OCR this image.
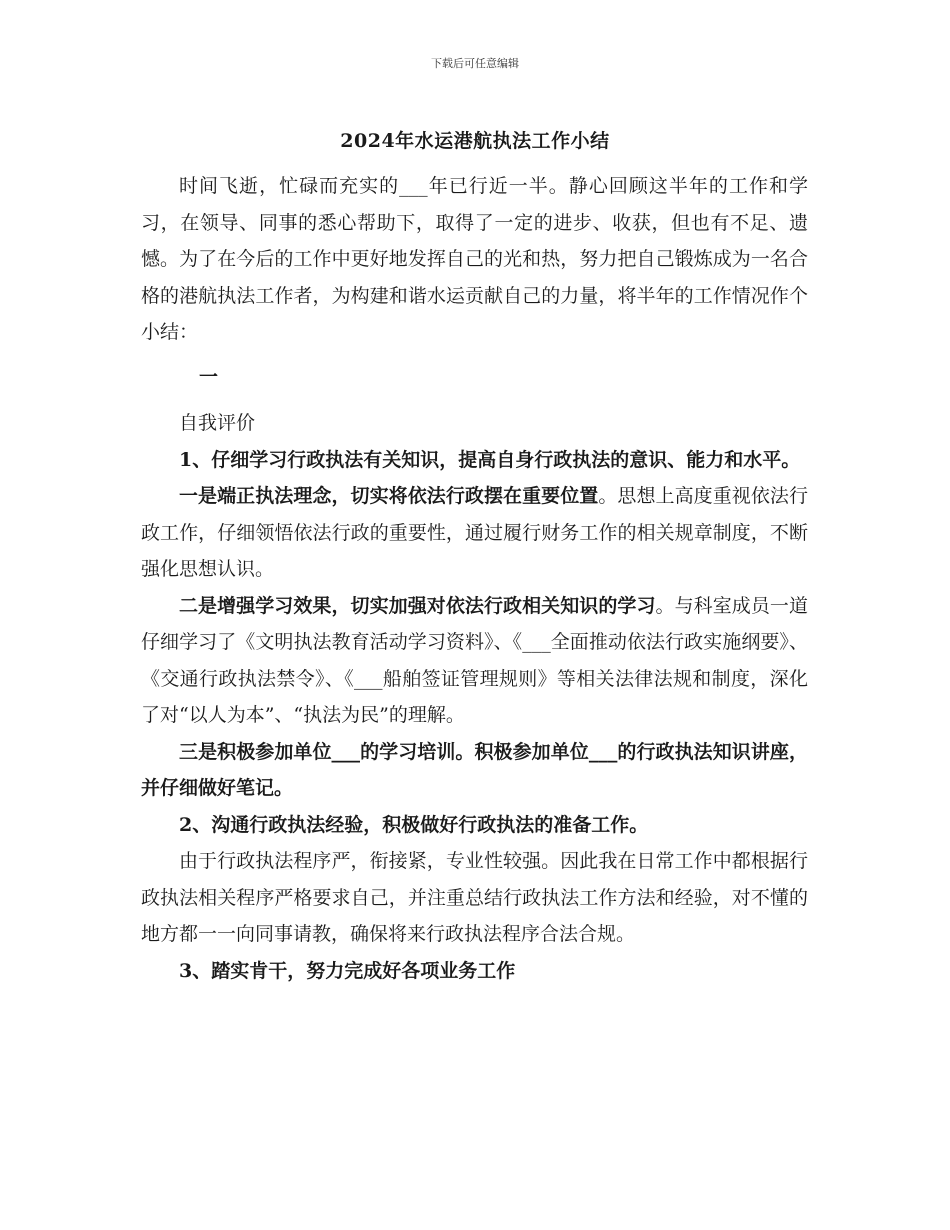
下载后可任意编辑
2024年水运港航执法工作小结

时间飞逝，忙碌而充实的___年已行近一半。静心回顾这半年的工作和学习，在领导、同事的悉心帮助下，取得了一定的进步、收获，但也有不足、遗憾。为了在今后的工作中更好地发挥自己的光和热，努力把自己锻炼成为一名合格的港航执法工作者，为构建和谐水运贡献自己的力量，将半年的工作情况作个小结：

一

自我评价

1、仔细学习行政执法有关知识，提高自身行政执法的意识、能力和水平。

一是端正执法理念，切实将依法行政摆在重要位置。思想上高度重视依法行政工作，仔细领悟依法行政的重要性，通过履行财务工作的相关规章制度，不断强化思想认识。

二是增强学习效果，切实加强对依法行政相关知识的学习。与科室成员一道仔细学习了《文明执法教育活动学习资料》、《___全面推动依法行政实施纲要》、《交通行政执法禁令》、《___船舶签证管理规则》等相关法律法规和制度，深化了对“以人为本”、“执法为民”的理解。

三是积极参加单位___的学习培训。积极参加单位___的行政执法知识讲座，并仔细做好笔记。

2、沟通行政执法经验，积极做好行政执法的准备工作。

由于行政执法程序严，衔接紧，专业性较强。因此我在日常工作中都根据行政执法相关程序严格要求自己，并注重总结行政执法工作方法和经验，对不懂的地方都一一向同事请教，确保将来行政执法程序合法合规。

3、踏实肯干，努力完成好各项业务工作
